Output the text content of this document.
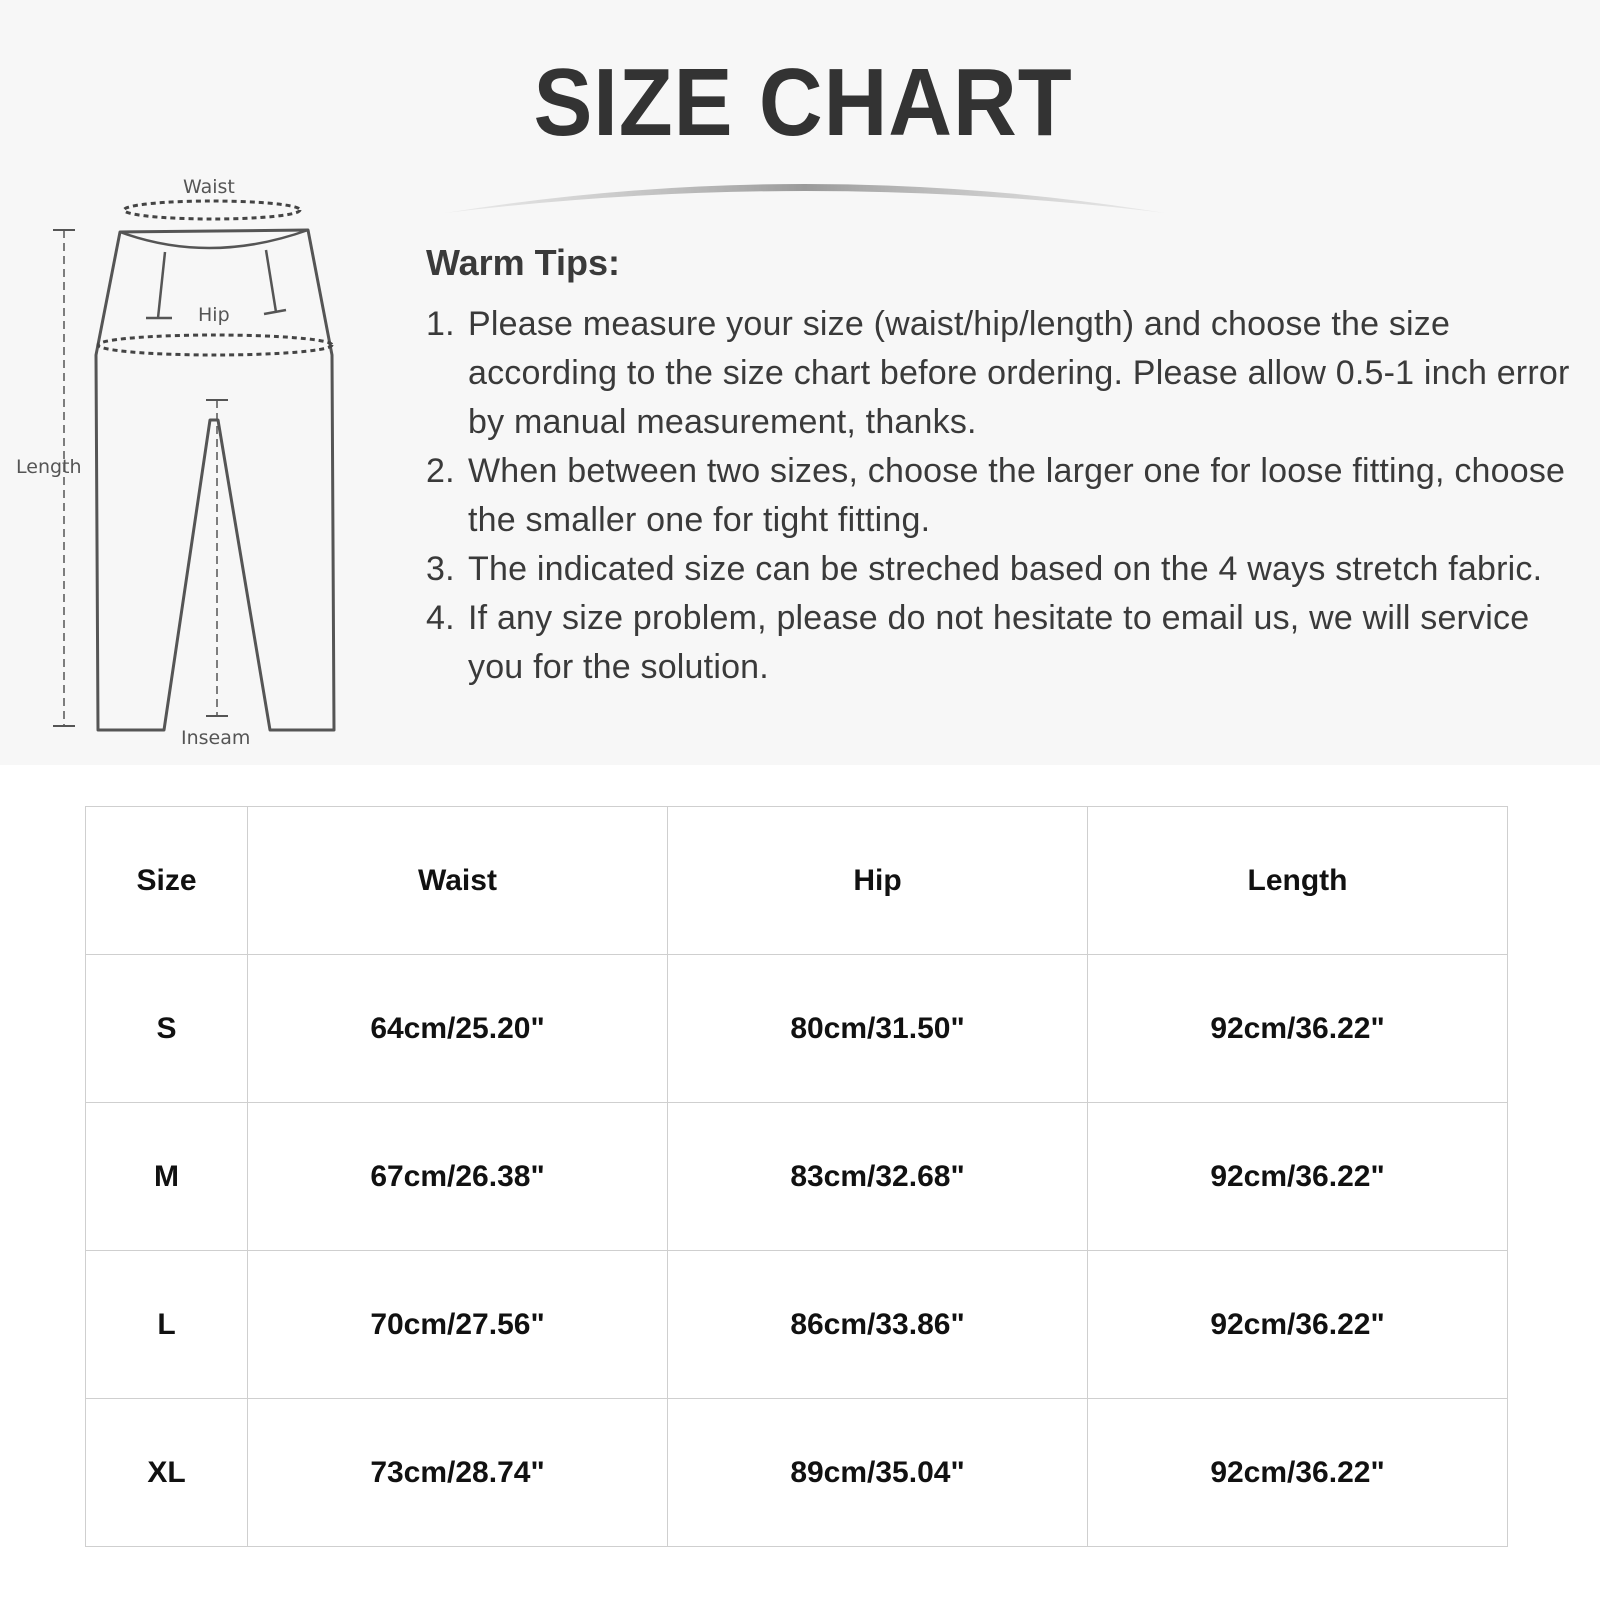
SIZE CHART
Waist
Hip
Length
Inseam

Warm Tips:

1. Please measure your size (waist/hip/length) and choose the size according to the size chart before ordering. Please allow 0.5-1 inch error by manual measurement, thanks.
2. When between two sizes, choose the larger one for loose fitting, choose the smaller one for tight fitting.
3. The indicated size can be streched based on the 4 ways stretch fabric.
4. If any size problem, please do not hesitate to email us, we will service you for the solution.
Size	Waist	Hip	Length
S	64cm/25.20"	80cm/31.50"	92cm/36.22"
M	67cm/26.38"	83cm/32.68"	92cm/36.22"
L	70cm/27.56"	86cm/33.86"	92cm/36.22"
XL	73cm/28.74"	89cm/35.04"	92cm/36.22"
